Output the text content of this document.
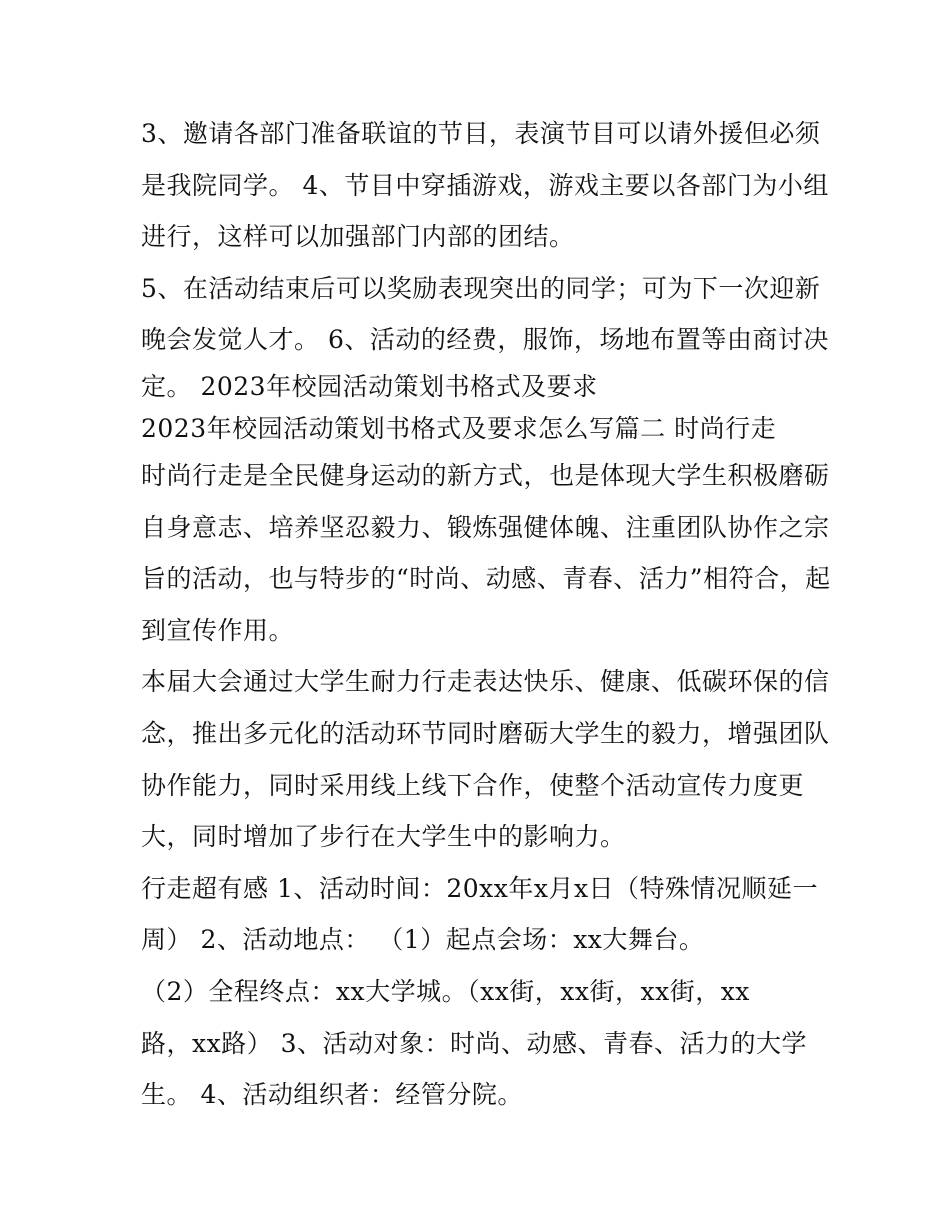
3、邀请各部门准备联谊的节目，表演节目可以请外援但必须
是我院同学。 4、节目中穿插游戏，游戏主要以各部门为小组
进行，这样可以加强部门内部的团结。
5、在活动结束后可以奖励表现突出的同学；可为下一次迎新
晚会发觉人才。 6、活动的经费，服饰，场地布置等由商讨决
定。 2023年校园活动策划书格式及要求
2023年校园活动策划书格式及要求怎么写篇二 时尚行走
时尚行走是全民健身运动的新方式，也是体现大学生积极磨砺
自身意志、培养坚忍毅力、锻炼强健体魄、注重团队协作之宗
旨的活动，也与特步的“时尚、动感、青春、活力”相符合，起
到宣传作用。
本届大会通过大学生耐力行走表达快乐、健康、低碳环保的信
念，推出多元化的活动环节同时磨砺大学生的毅力，增强团队
协作能力，同时采用线上线下合作，使整个活动宣传力度更
大，同时增加了步行在大学生中的影响力。
行走超有感 1、活动时间：20xx年x月x日（特殊情况顺延一
周） 2、活动地点： （1）起点会场：xx大舞台。
（2）全程终点：xx大学城。（xx街，xx街，xx街，xx
路，xx路） 3、活动对象：时尚、动感、青春、活力的大学
生。 4、活动组织者：经管分院。
